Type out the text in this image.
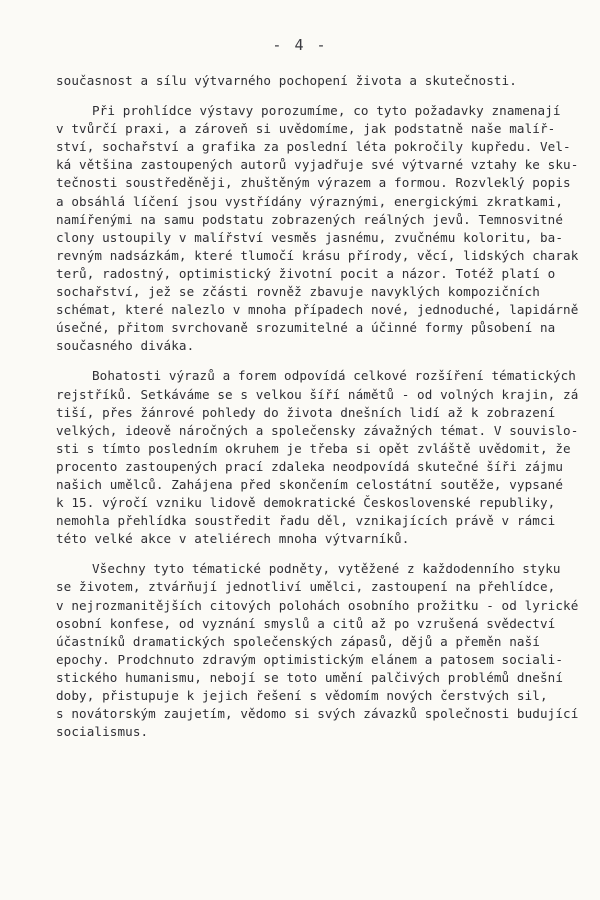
- 4 -
současnost a sílu výtvarného pochopení života a skutečnosti.
Při prohlídce výstavy porozumíme, co tyto požadavky znamenají
v tvůrčí praxi, a zároveň si uvědomíme, jak podstatně naše malíř-
ství, sochařství a grafika za poslední léta pokročily kupředu. Vel-
ká většina zastoupených autorů vyjadřuje své výtvarné vztahy ke sku-
tečnosti soustředěněji, zhuštěným výrazem a formou. Rozvleklý popis
a obsáhlá líčení jsou vystřídány výraznými, energickými zkratkami,
namířenými na samu podstatu zobrazených reálných jevů. Temnosvitné
clony ustoupily v malířství vesměs jasnému, zvučnému koloritu, ba-
revným nadsázkám, které tlumočí krásu přírody, věcí, lidských charak
terů, radostný, optimistický životní pocit a názor. Totéž platí o
sochařství, jež se zčásti rovněž zbavuje navyklých kompozičních
schémat, které nalezlo v mnoha případech nové, jednoduché, lapidárně
úsečné, přitom svrchovaně srozumitelné a účinné formy působení na
současného diváka.
Bohatosti výrazů a forem odpovídá celkové rozšíření tématických
rejstříků. Setkáváme se s velkou šíří námětů - od volných krajin, zá
tiší, přes žánrové pohledy do života dnešních lidí až k zobrazení
velkých, ideově náročných a společensky závažných témat. V souvislo-
sti s tímto posledním okruhem je třeba si opět zvláště uvědomit, že
procento zastoupených prací zdaleka neodpovídá skutečné šíři zájmu
našich umělců. Zahájena před skončením celostátní soutěže, vypsané
k 15. výročí vzniku lidově demokratické Československé republiky,
nemohla přehlídka soustředit řadu děl, vznikajících právě v rámci
této velké akce v ateliérech mnoha výtvarníků.
Všechny tyto tématické podněty, vytěžené z každodenního styku
se životem, ztvárňují jednotliví umělci, zastoupení na přehlídce,
v nejrozmanitějších citových polohách osobního prožitku - od lyrické
osobní konfese, od vyznání smyslů a citů až po vzrušená svědectví
účastníků dramatických společenských zápasů, dějů a přeměn naší
epochy. Prodchnuto zdravým optimistickým elánem a patosem sociali-
stického humanismu, nebojí se toto umění palčivých problémů dnešní
doby, přistupuje k jejich řešení s vědomím nových čerstvých sil,
s novátorským zaujetím, vědomo si svých závazků společnosti budující
socialismus.
